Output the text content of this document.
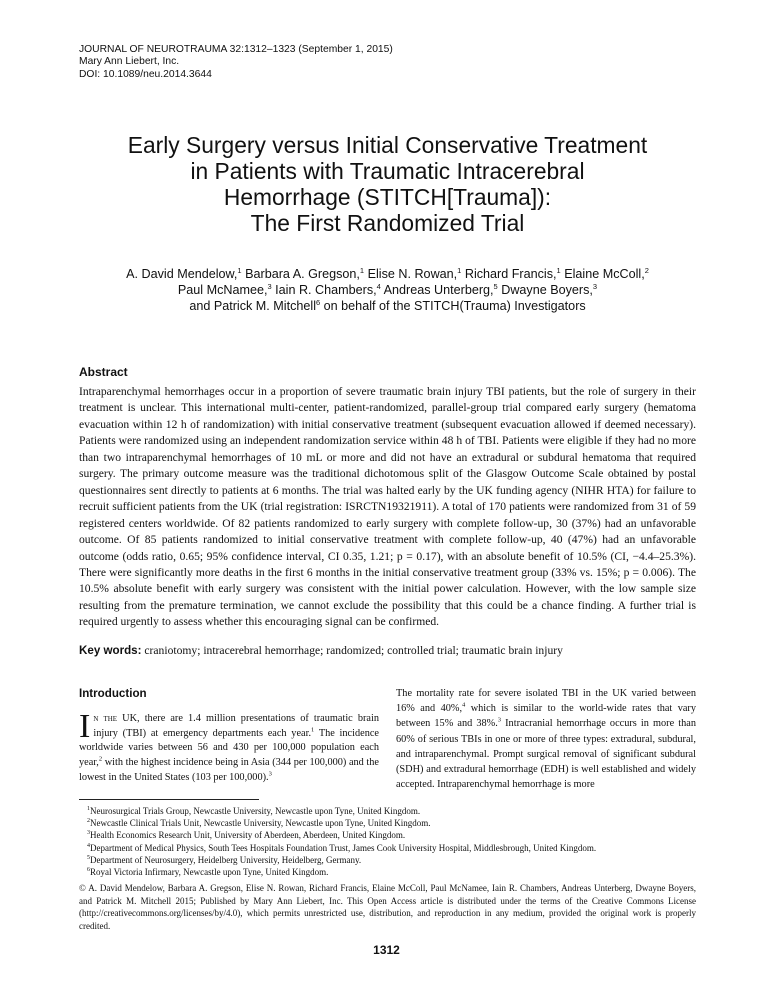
JOURNAL OF NEUROTRAUMA 32:1312–1323 (September 1, 2015)
Mary Ann Liebert, Inc.
DOI: 10.1089/neu.2014.3644
Early Surgery versus Initial Conservative Treatment
in Patients with Traumatic Intracerebral
Hemorrhage (STITCH[Trauma]):
The First Randomized Trial
A. David Mendelow,$^1$ Barbara A. Gregson,$^1$ Elise N. Rowan,$^1$ Richard Francis,$^1$ Elaine McColl,$^2$
Paul McNamee,$^3$ Iain R. Chambers,$^4$ Andreas Unterberg,$^5$ Dwayne Boyers,$^3$
and Patrick M. Mitchell$^6$ on behalf of the STITCH(Trauma) Investigators
Abstract

Intraparenchymal hemorrhages occur in a proportion of severe traumatic brain injury TBI patients, but the role of surgery in their treatment is unclear. This international multi-center, patient-randomized, parallel-group trial compared early surgery (hematoma evacuation within 12 h of randomization) with initial conservative treatment (subsequent evacuation allowed if deemed necessary). Patients were randomized using an independent randomization service within 48 h of TBI. Patients were eligible if they had no more than two intraparenchymal hemorrhages of 10 mL or more and did not have an extradural or subdural hematoma that required surgery. The primary outcome measure was the traditional dichotomous split of the Glasgow Outcome Scale obtained by postal questionnaires sent directly to patients at 6 months. The trial was halted early by the UK funding agency (NIHR HTA) for failure to recruit sufficient patients from the UK (trial registration: ISRCTN19321911). A total of 170 patients were randomized from 31 of 59 registered centers worldwide. Of 82 patients randomized to early surgery with complete follow-up, 30 (37%) had an unfavorable outcome. Of 85 patients randomized to initial conservative treatment with complete follow-up, 40 (47%) had an unfavorable outcome (odds ratio, 0.65; 95% confidence interval, CI 0.35, 1.21; p = 0.17), with an absolute benefit of 10.5% (CI, −4.4–25.3%). There were significantly more deaths in the first 6 months in the initial conservative treatment group (33% vs. 15%; p = 0.006). The 10.5% absolute benefit with early surgery was consistent with the initial power calculation. However, with the low sample size resulting from the premature termination, we cannot exclude the possibility that this could be a chance finding. A further trial is required urgently to assess whether this encouraging signal can be confirmed.

Key words: craniotomy; intracerebral hemorrhage; randomized; controlled trial; traumatic brain injury
Introduction

In the UK, there are 1.4 million presentations of traumatic brain injury (TBI) at emergency departments each year.$^1$ The incidence worldwide varies between 56 and 430 per 100,000 population each year,$^2$ with the highest incidence being in Asia (344 per 100,000) and the lowest in the United States (103 per 100,000).$^3$

The mortality rate for severe isolated TBI in the UK varied between 16% and 40%,$^4$ which is similar to the world-wide rates that vary between 15% and 38%.$^3$ Intracranial hemorrhage occurs in more than 60% of serious TBIs in one or more of three types: extradural, subdural, and intraparenchymal. Prompt surgical removal of significant subdural (SDH) and extradural hemorrhage (EDH) is well established and widely accepted. Intraparenchymal hemorrhage is more

$^1$Neurosurgical Trials Group, Newcastle University, Newcastle upon Tyne, United Kingdom.
$^2$Newcastle Clinical Trials Unit, Newcastle University, Newcastle upon Tyne, United Kingdom.
$^3$Health Economics Research Unit, University of Aberdeen, Aberdeen, United Kingdom.
$^4$Department of Medical Physics, South Tees Hospitals Foundation Trust, James Cook University Hospital, Middlesbrough, United Kingdom.
$^5$Department of Neurosurgery, Heidelberg University, Heidelberg, Germany.
$^6$Royal Victoria Infirmary, Newcastle upon Tyne, United Kingdom.

© A. David Mendelow, Barbara A. Gregson, Elise N. Rowan, Richard Francis, Elaine McColl, Paul McNamee, Iain R. Chambers, Andreas Unterberg, Dwayne Boyers, and Patrick M. Mitchell 2015; Published by Mary Ann Liebert, Inc. This Open Access article is distributed under the terms of the Creative Commons License (http://creativecommons.org/licenses/by/4.0), which permits unrestricted use, distribution, and reproduction in any medium, provided the original work is properly credited.

1312
